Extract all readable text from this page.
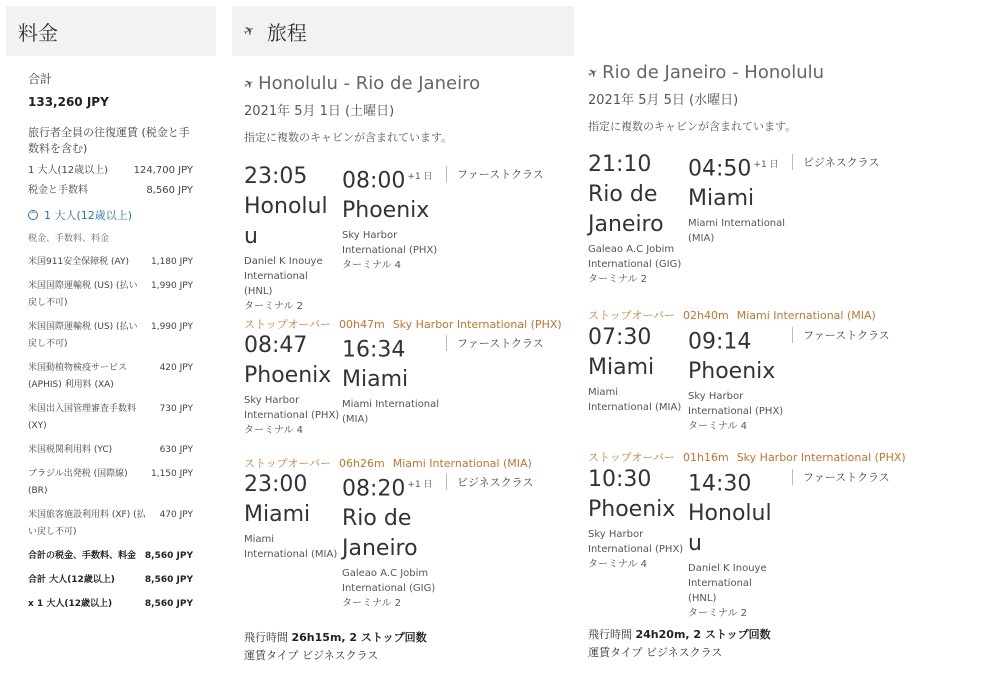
料金
合計
133,260 JPY
旅行者全員の往復運賃 (税金と手数料を含む)
1 大人(12歳以上)	124,700 JPY
税金と手数料	8,560 JPY
^ 1 大人(12歳以上)
税金、手数料、料金
米国911安全保障税 (AY)	1,180 JPY
米国国際運輸税 (US) (払い戻し不可)
1,990 JPY
米国国際運輸税 (US) (払い戻し不可)
1,990 JPY
米国動植物検疫サービス (APHIS) 利用料 (XA)
420 JPY
米国出入国管理審査手数料 (XY)
730 JPY
米国税関利用料 (YC)	630 JPY
ブラジル出発税 (国際線) (BR)
1,150 JPY
米国旅客施設利用料 (XF) (払い戻し不可)
470 JPY
合計の税金、手数料、料金 8,560 JPY
合計 大人(12歳以上)	8,560 JPY
x 1 大人(12歳以上)	8,560 JPY
✈ 旅程
✈ Honolulu - Rio de Janeiro
2021年 5月 1日 (土曜日)
指定に複数のキャビンが含まれています。
23:05
Honolulu
Daniel K Inouye International (HNL)
ターミナル 2
08:00 $^{+1 日}$
Phoenix
Sky Harbor International (PHX)
ターミナル 4
ファーストクラス
ストップオーバー 00h47m Sky Harbor International (PHX)
08:47
Phoenix
Sky Harbor International (PHX)
ターミナル 4
16:34
Miami
Miami International (MIA)
ファーストクラス
ストップオーバー 06h26m Miami International (MIA)
23:00
Miami
Miami International (MIA)
08:20 $^{+1 日}$
Rio de Janeiro
Galeao A.C Jobim International (GIG)
ターミナル 2
ビジネスクラス
飛行時間 26h15m, 2 ストップ回数
運賃タイプ ビジネスクラス
✈ Rio de Janeiro - Honolulu
2021年 5月 5日 (水曜日)
指定に複数のキャビンが含まれています。
21:10 Rio de Janeiro
Galeao A.C Jobim International (GIG)
ターミナル 2
04:50 $^{+1 日}$
Miami
Miami International (MIA)
ビジネスクラス
ストップオーバー 02h40m Miami International (MIA)
07:30
Miami
Miami International (MIA)
09:14
Phoenix
Sky Harbor International (PHX)
ターミナル 4
ファーストクラス
ストップオーバー 01h16m Sky Harbor International (PHX)
10:30
Phoenix
Sky Harbor International (PHX)
ターミナル 4
14:30
Honolulu
Daniel K Inouye International (HNL)
ターミナル 2
ファーストクラス
飛行時間 24h20m, 2 ストップ回数
運賃タイプ ビジネスクラス
